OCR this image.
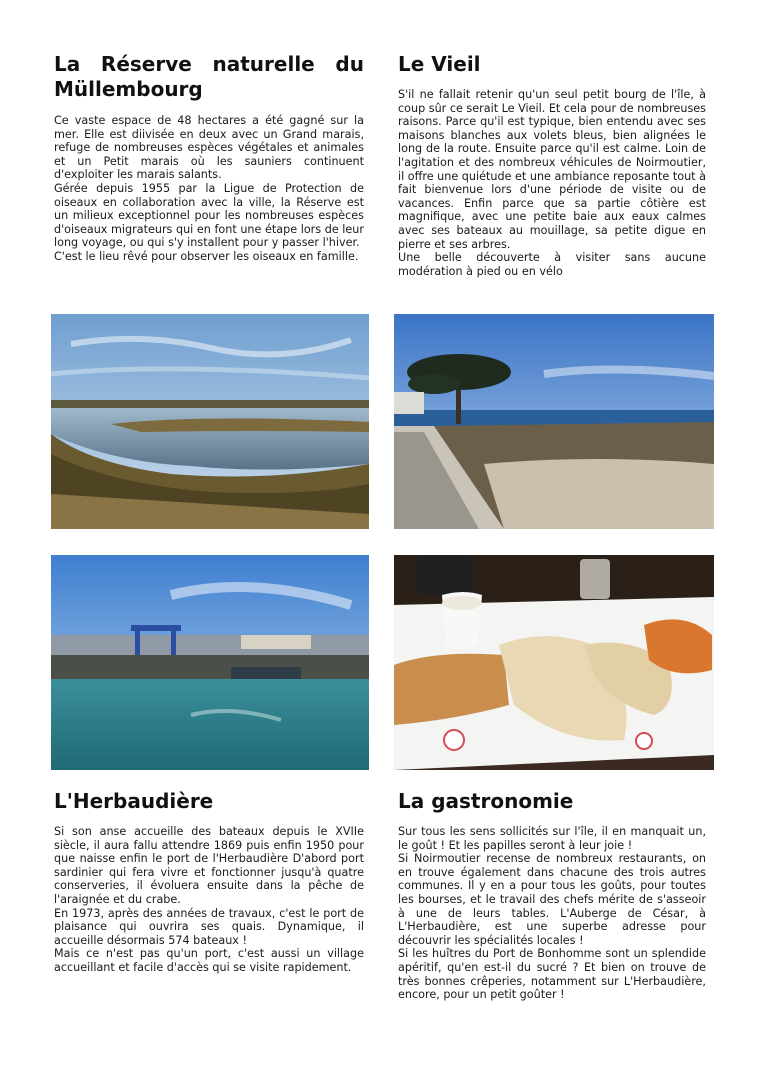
La Réserve naturelle du Müllembourg

Ce vaste espace de 48 hectares a été gagné sur la mer. Elle est diivisée en deux avec un Grand marais, refuge de nombreuses espèces végétales et animales et un Petit marais où les sauniers continuent d'exploiter les marais salants.

Gérée depuis 1955 par la Ligue de Protection de oiseaux en collaboration avec la ville, la Réserve est un milieux exceptionnel pour les nombreuses espèces d'oiseaux migrateurs qui en font une étape lors de leur long voyage, ou qui s'y installent pour y passer l'hiver.

C'est le lieu rêvé pour observer les oiseaux en famille.

Le Vieil

S'il ne fallait retenir qu'un seul petit bourg de l'île, à coup sûr ce serait Le Vieil. Et cela pour de nombreuses raisons. Parce qu'il est typique, bien entendu avec ses maisons blanches aux volets bleus, bien alignées le long de la route. Ensuite parce qu'il est calme. Loin de l'agitation et des nombreux véhicules de Noirmoutier, il offre une quiétude et une ambiance reposante tout à fait bienvenue lors d'une période de visite ou de vacances. Enfin parce que sa partie côtière est magnifique, avec une petite baie aux eaux calmes avec ses bateaux au mouillage, sa petite digue en pierre et ses arbres.

Une belle découverte à visiter sans aucune modération à pied ou en vélo

L'Herbaudière

Si son anse accueille des bateaux depuis le XVIIe siècle, il aura fallu attendre 1869 puis enfin 1950 pour que naisse enfin le port de l'Herbaudière D'abord port sardinier qui fera vivre et fonctionner jusqu'à quatre conserveries, il évoluera ensuite dans la pêche de l'araignée et du crabe.

En 1973, après des années de travaux, c'est le port de plaisance qui ouvrira ses quais. Dynamique, il accueille désormais 574 bateaux !

Mais ce n'est pas qu'un port, c'est aussi un village accueillant et facile d'accès qui se visite rapidement.

La gastronomie

Sur tous les sens sollicités sur l'île, il en manquait un, le goût ! Et les papilles seront à leur joie !

Si Noirmoutier recense de nombreux restaurants, on en trouve également dans chacune des trois autres communes. Il y en a pour tous les goûts, pour toutes les bourses, et le travail des chefs mérite de s'asseoir à une de leurs tables. L'Auberge de César, à L'Herbaudière, est une superbe adresse pour découvrir les spécialités locales !

Si les huîtres du Port de Bonhomme sont un splendide apéritif, qu'en est-il du sucré ? Et bien on trouve de très bonnes crêperies, notamment sur L'Herbaudière, encore, pour un petit goûter !
